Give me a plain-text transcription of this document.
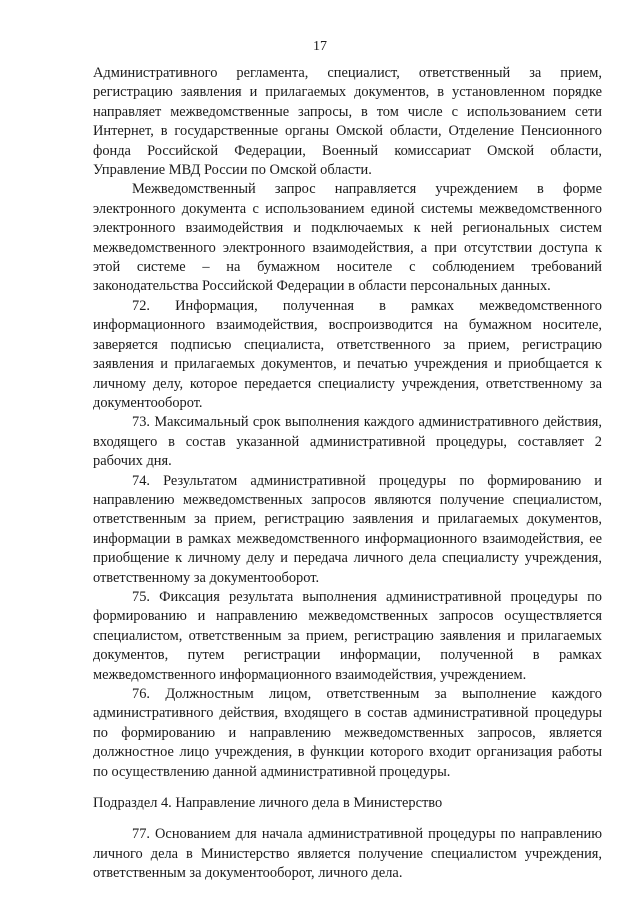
17

Административного регламента, специалист, ответственный за прием, регистрацию заявления и прилагаемых документов, в установленном порядке направляет межведомственные запросы, в том числе с использованием сети Интернет, в государственные органы Омской области, Отделение Пенсионного фонда Российской Федерации, Военный комиссариат Омской области, Управление МВД России по Омской области.

Межведомственный запрос направляется учреждением в форме электронного документа с использованием единой системы межведомственного электронного взаимодействия и подключаемых к ней региональных систем межведомственного электронного взаимодействия, а при отсутствии доступа к этой системе – на бумажном носителе с соблюдением требований законодательства Российской Федерации в области персональных данных.

72. Информация, полученная в рамках межведомственного информационного взаимодействия, воспроизводится на бумажном носителе, заверяется подписью специалиста, ответственного за прием, регистрацию заявления и прилагаемых документов, и печатью учреждения и приобщается к личному делу, которое передается специалисту учреждения, ответственному за документооборот.

73. Максимальный срок выполнения каждого административного действия, входящего в состав указанной административной процедуры, составляет 2 рабочих дня.

74. Результатом административной процедуры по формированию и направлению межведомственных запросов являются получение специалистом, ответственным за прием, регистрацию заявления и прилагаемых документов, информации в рамках межведомственного информационного взаимодействия, ее приобщение к личному делу и передача личного дела специалисту учреждения, ответственному за документооборот.

75. Фиксация результата выполнения административной процедуры по формированию и направлению межведомственных запросов осуществляется специалистом, ответственным за прием, регистрацию заявления и прилагаемых документов, путем регистрации информации, полученной в рамках межведомственного информационного взаимодействия, учреждением.

76. Должностным лицом, ответственным за выполнение каждого административного действия, входящего в состав административной процедуры по формированию и направлению межведомственных запросов, является должностное лицо учреждения, в функции которого входит организация работы по осуществлению данной административной процедуры.

Подраздел 4. Направление личного дела в Министерство

77. Основанием для начала административной процедуры по направлению личного дела в Министерство является получение специалистом учреждения, ответственным за документооборот, личного дела.
